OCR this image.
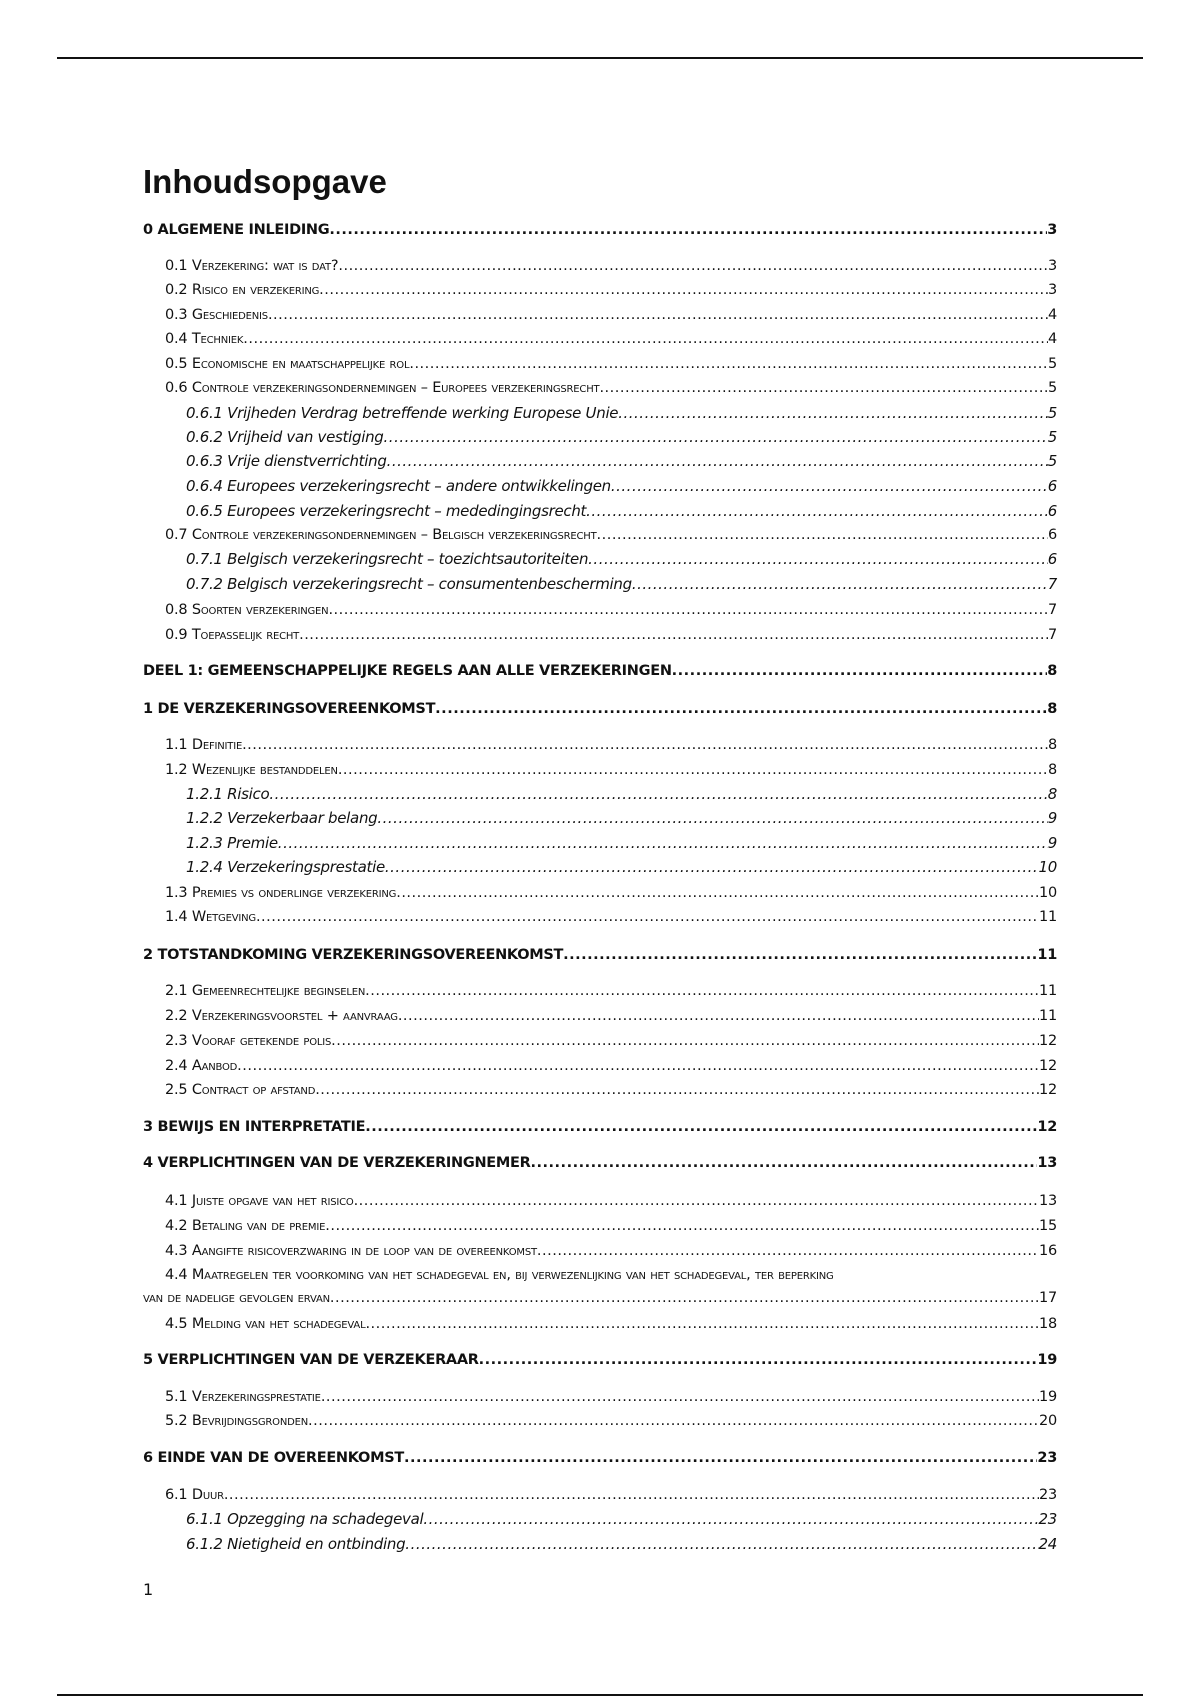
Inhoudsopgave
0 ALGEMENE INLEIDING .....	3
0.1 Verzekering: wat is dat? .....	3
0.2 Risico en verzekering .....	3
0.3 Geschiedenis .....	4
0.4 Techniek .....	4
0.5 Economische en maatschappelijke rol .....	5
0.6 Controle verzekeringsondernemingen – Europees verzekeringsrecht .....	5
0.6.1 Vrijheden Verdrag betreffende werking Europese Unie .....	5
0.6.2 Vrijheid van vestiging .....	5
0.6.3 Vrije dienstverrichting .....	5
0.6.4 Europees verzekeringsrecht – andere ontwikkelingen .....	6
0.6.5 Europees verzekeringsrecht – mededingingsrecht .....	6
0.7 Controle verzekeringsondernemingen – Belgisch verzekeringsrecht .....	6
0.7.1 Belgisch verzekeringsrecht – toezichtsautoriteiten .....	6
0.7.2 Belgisch verzekeringsrecht – consumentenbescherming .....	7
0.8 Soorten verzekeringen .....	7
0.9 Toepasselijk recht .....	7
DEEL 1: GEMEENSCHAPPELIJKE REGELS AAN ALLE VERZEKERINGEN .....	8
1 DE VERZEKERINGSOVEREENKOMST .....	8
1.1 Definitie .....	8
1.2 Wezenlijke bestanddelen .....	8
1.2.1 Risico .....	8
1.2.2 Verzekerbaar belang .....	9
1.2.3 Premie .....	9
1.2.4 Verzekeringsprestatie .....	10
1.3 Premies vs onderlinge verzekering .....	10
1.4 Wetgeving .....	11
2 TOTSTANDKOMING VERZEKERINGSOVEREENKOMST .....	11
2.1 Gemeenrechtelijke beginselen .....	11
2.2 Verzekeringsvoorstel + aanvraag .....	11
2.3 Vooraf getekende polis .....	12
2.4 Aanbod .....	12
2.5 Contract op afstand .....	12
3 BEWIJS EN INTERPRETATIE .....	12
4 VERPLICHTINGEN VAN DE VERZEKERINGNEMER .....	13
4.1 Juiste opgave van het risico .....	13
4.2 Betaling van de premie .....	15
4.3 Aangifte risicoverzwaring in de loop van de overeenkomst .....	16
4.4 Maatregelen ter voorkoming van het schadegeval en, bij verwezenlijking van het schadegeval, ter beperking
van de nadelige gevolgen ervan .....	17
4.5 Melding van het schadegeval .....	18
5 VERPLICHTINGEN VAN DE VERZEKERAAR .....	19
5.1 Verzekeringsprestatie .....	19
5.2 Bevrijdingsgronden .....	20
6 EINDE VAN DE OVEREENKOMST .....	23
6.1 Duur .....	23
6.1.1 Opzegging na schadegeval .....	23
6.1.2 Nietigheid en ontbinding .....	24
1
